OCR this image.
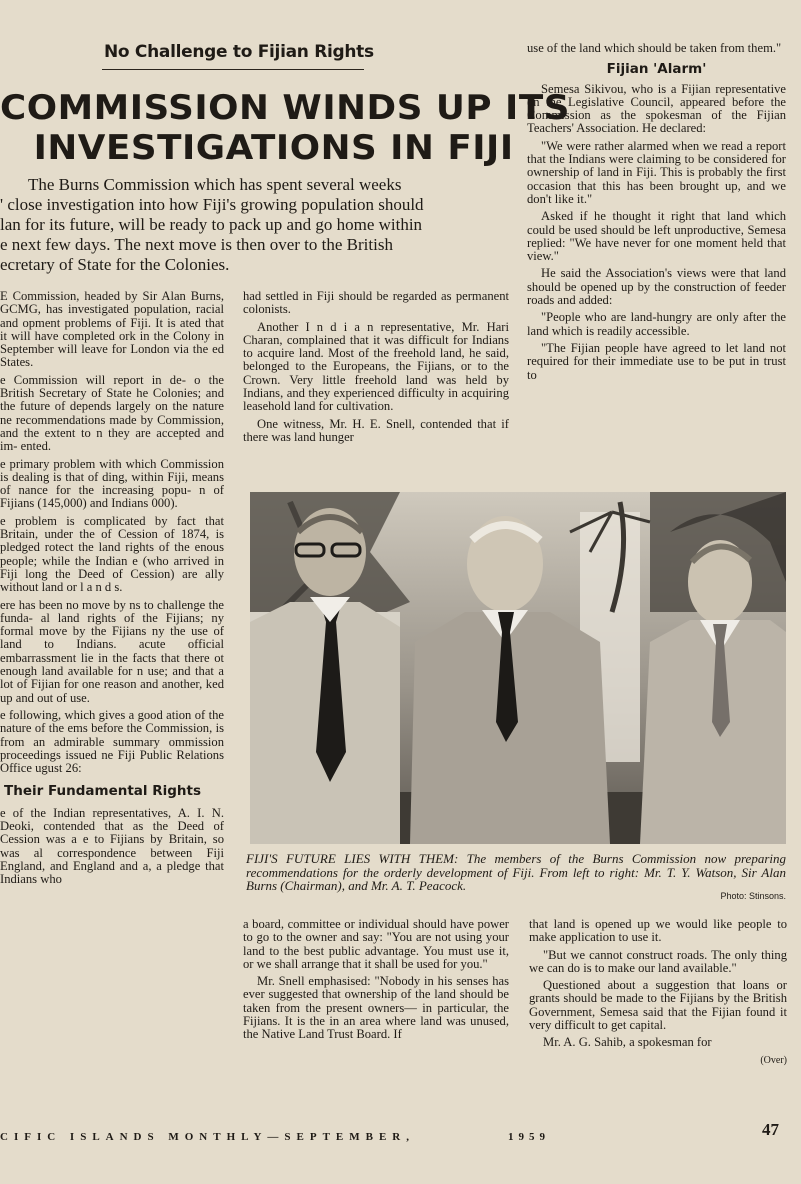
No Challenge to Fijian Rights
COMMISSION WINDS UP ITS
INVESTIGATIONS IN FIJI
The Burns Commission which has spent several weeks
' close investigation into how Fiji's growing population should
lan for its future, will be ready to pack up and go home within
e next few days. The next move is then over to the British
ecretary of State for the Colonies.

E Commission, headed by Sir Alan Burns, GCMG, has investigated population, racial and opment problems of Fiji. It is ated that it will have completed ork in the Colony in September will leave for London via the ed States.

e Commission will report in de- o the British Secretary of State he Colonies; and the future of depends largely on the nature ne recommendations made by Commission, and the extent to n they are accepted and im- ented.

e primary problem with which Commission is dealing is that of ding, within Fiji, means of nance for the increasing popu- n of Fijians (145,000) and Indians 000).

e problem is complicated by fact that Britain, under the of Cession of 1874, is pledged rotect the land rights of the enous people; while the Indian e (who arrived in Fiji long the Deed of Cession) are ally without land or l a n d s.

ere has been no move by ns to challenge the funda- al land rights of the Fijians; ny formal move by the Fijians ny the use of land to Indians. acute official embarrassment lie in the facts that there ot enough land available for n use; and that a lot of Fijian for one reason and another, ked up and out of use.

e following, which gives a good ation of the nature of the ems before the Commission, is from an admirable summary ommission proceedings issued ne Fiji Public Relations Office ugust 26:

Their Fundamental Rights

e of the Indian representatives, A. I. N. Deoki, contended that as the Deed of Cession was a e to Fijians by Britain, so was al correspondence between Fiji England, and England and a, a pledge that Indians who

had settled in Fiji should be regarded as permanent colonists.

Another I n d i a n representative, Mr. Hari Charan, complained that it was difficult for Indians to acquire land. Most of the freehold land, he said, belonged to the Europeans, the Fijians, or to the Crown. Very little freehold land was held by Indians, and they experienced difficulty in acquiring leasehold land for cultivation.

One witness, Mr. H. E. Snell, contended that if there was land hunger

use of the land which should be taken from them."

Fijian 'Alarm'

Semesa Sikivou, who is a Fijian representative on the Legislative Council, appeared before the Commission as the spokesman of the Fijian Teachers' Association. He declared:

"We were rather alarmed when we read a report that the Indians were claiming to be considered for ownership of land in Fiji. This is probably the first occasion that this has been brought up, and we don't like it."

Asked if he thought it right that land which could be used should be left unproductive, Semesa replied: "We have never for one moment held that view."

He said the Association's views were that land should be opened up by the construction of feeder roads and added:

"People who are land-hungry are only after the land which is readily accessible.

"The Fijian people have agreed to let land not required for their immediate use to be put in trust to

FIJI'S FUTURE LIES WITH THEM: The members of the Burns Commission now preparing recommendations for the orderly development of Fiji. From left to right: Mr. T. Y. Watson, Sir Alan Burns (Chairman), and Mr. A. T. Peacock.
Photo: Stinsons.

a board, committee or individual should have power to go to the owner and say: "You are not using your land to the best public advantage. You must use it, or we shall arrange that it shall be used for you."

Mr. Snell emphasised: "Nobody in his senses has ever suggested that ownership of the land should be taken from the present owners— in particular, the Fijians. It is the in an area where land was unused, the Native Land Trust Board. If

that land is opened up we would like people to make application to use it.

"But we cannot construct roads. The only thing we can do is to make our land available."

Questioned about a suggestion that loans or grants should be made to the Fijians by the British Government, Semesa said that the Fijian found it very difficult to get capital.

Mr. A. G. Sahib, a spokesman for

(Over)
CIFIC ISLANDS MONTHLY—SEPTEMBER,	1959	47
